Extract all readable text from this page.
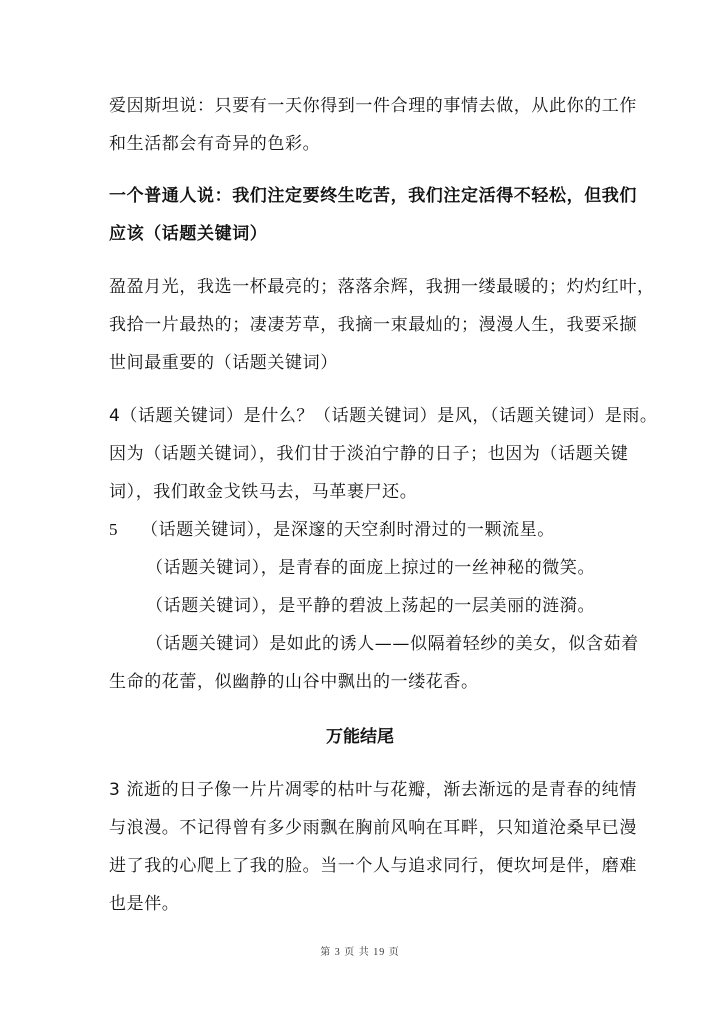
爱因斯坦说：只要有一天你得到一件合理的事情去做，从此你的工作
和生活都会有奇异的色彩。
一个普通人说：我们注定要终生吃苦，我们注定活得不轻松，但我们
应该（话题关键词）
盈盈月光，我选一杯最亮的；落落余辉，我拥一缕最暖的；灼灼红叶，
我拾一片最热的；凄凄芳草，我摘一束最灿的；漫漫人生，我要采撷
世间最重要的（话题关键词）
4（话题关键词）是什么？（话题关键词）是风，（话题关键词）是雨。
因为（话题关键词），我们甘于淡泊宁静的日子；也因为（话题关键
词），我们敢金戈铁马去，马革裹尸还。
5 （话题关键词），是深邃的天空刹时滑过的一颗流星。
（话题关键词），是青春的面庞上掠过的一丝神秘的微笑。
（话题关键词），是平静的碧波上荡起的一层美丽的涟漪。
（话题关键词）是如此的诱人——似隔着轻纱的美女，似含茹着
生命的花蕾，似幽静的山谷中飘出的一缕花香。
万能结尾
3 流逝的日子像一片片凋零的枯叶与花瓣，渐去渐远的是青春的纯情
与浪漫。不记得曾有多少雨飘在胸前风响在耳畔，只知道沧桑早已漫
进了我的心爬上了我的脸。当一个人与追求同行，便坎坷是伴，磨难
也是伴。
第 3 页 共 19 页
